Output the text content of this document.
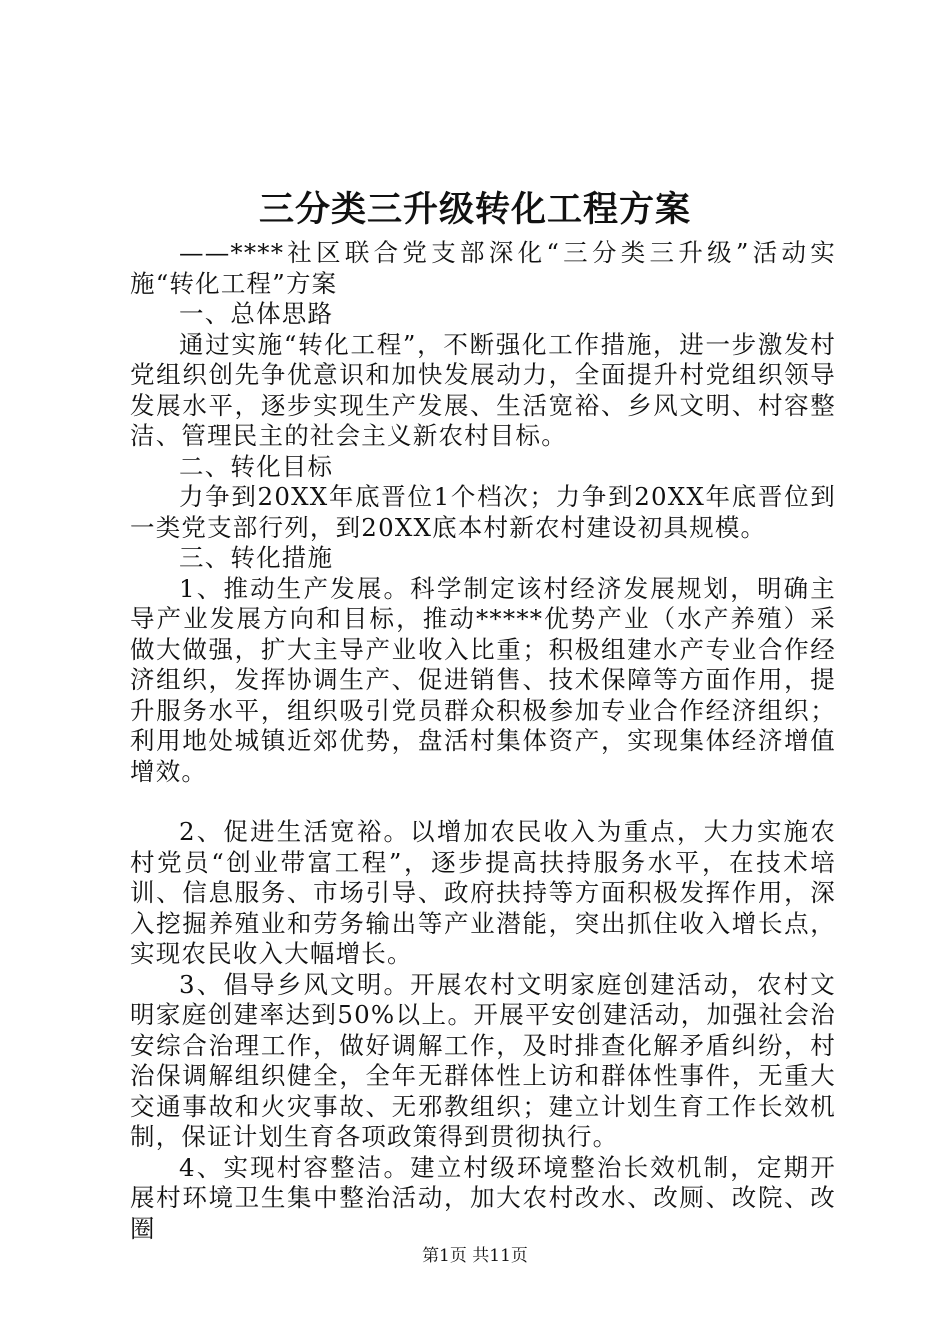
三分类三升级转化工程方案

——****社区联合党支部深化“三分类三升级”活动实施“转化工程”方案

一、总体思路

通过实施“转化工程”，不断强化工作措施，进一步激发村党组织创先争优意识和加快发展动力，全面提升村党组织领导发展水平，逐步实现生产发展、生活宽裕、乡风文明、村容整洁、管理民主的社会主义新农村目标。

二、转化目标

力争到20XX年底晋位1个档次；力争到20XX年底晋位到一类党支部行列，到20XX底本村新农村建设初具规模。

三、转化措施

1、推动生产发展。科学制定该村经济发展规划，明确主导产业发展方向和目标，推动*****优势产业（水产养殖）采做大做强，扩大主导产业收入比重；积极组建水产专业合作经济组织，发挥协调生产、促进销售、技术保障等方面作用，提升服务水平，组织吸引党员群众积极参加专业合作经济组织；利用地处城镇近郊优势，盘活村集体资产，实现集体经济增值增效。

2、促进生活宽裕。以增加农民收入为重点，大力实施农村党员“创业带富工程”，逐步提高扶持服务水平，在技术培训、信息服务、市场引导、政府扶持等方面积极发挥作用，深入挖掘养殖业和劳务输出等产业潜能，突出抓住收入增长点，实现农民收入大幅增长。

3、倡导乡风文明。开展农村文明家庭创建活动，农村文明家庭创建率达到50%以上。开展平安创建活动，加强社会治安综合治理工作，做好调解工作，及时排查化解矛盾纠纷，村治保调解组织健全，全年无群体性上访和群体性事件，无重大交通事故和火灾事故、无邪教组织；建立计划生育工作长效机制，保证计划生育各项政策得到贯彻执行。

4、实现村容整洁。建立村级环境整治长效机制，定期开展村环境卫生集中整治活动，加大农村改水、改厕、改院、改圈

第1页 共11页
